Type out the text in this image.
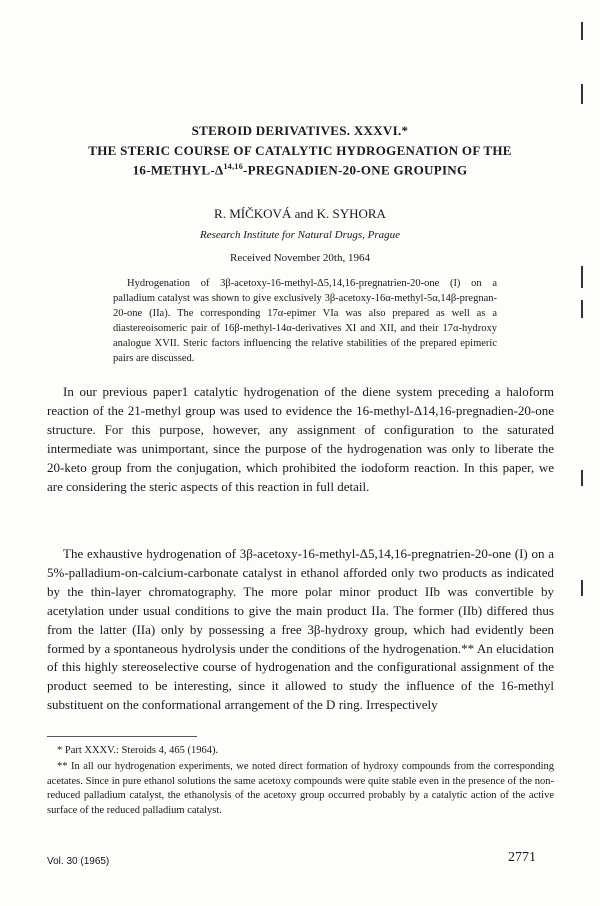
STEROID DERIVATIVES. XXXVI.*
THE STERIC COURSE OF CATALYTIC HYDROGENATION OF THE
$16-METHYL-\Delta^{14,16}-PREGNADIEN-20$-ONE GROUPING
R. MÍČKOVÁ and K. SYHORA
Research Institute for Natural Drugs, Prague
Received November 20th, 1964
Hydrogenation of 3β-acetoxy-16-methyl-Δ5,14,16-pregnatrien-20-one (I) on a palladium catalyst was shown to give exclusively 3β-acetoxy-16α-methyl-5α,14β-pregnan-20-one (IIa). The corresponding 17α-epimer VIa was also prepared as well as a diastereoisomeric pair of 16β-methyl-14α-derivatives XI and XII, and their 17α-hydroxy analogue XVII. Steric factors influencing the relative stabilities of the prepared epimeric pairs are discussed.
In our previous paper1 catalytic hydrogenation of the diene system preceding a haloform reaction of the 21-methyl group was used to evidence the 16-methyl-Δ14,16-pregnadien-20-one structure. For this purpose, however, any assignment of configuration to the saturated intermediate was unimportant, since the purpose of the hydrogenation was only to liberate the 20-keto group from the conjugation, which prohibited the iodoform reaction. In this paper, we are considering the steric aspects of this reaction in full detail.
The exhaustive hydrogenation of 3β-acetoxy-16-methyl-Δ5,14,16-pregnatrien-20-one (I) on a 5%-palladium-on-calcium-carbonate catalyst in ethanol afforded only two products as indicated by the thin-layer chromatography. The more polar minor product IIb was convertible by acetylation under usual conditions to give the main product IIa. The former (IIb) differed thus from the latter (IIa) only by possessing a free 3β-hydroxy group, which had evidently been formed by a spontaneous hydrolysis under the conditions of the hydrogenation.** An elucidation of this highly stereoselective course of hydrogenation and the configurational assignment of the product seemed to be interesting, since it allowed to study the influence of the 16-methyl substituent on the conformational arrangement of the D ring. Irrespectively
* Part XXXV.: Steroids 4, 465 (1964).
** In all our hydrogenation experiments, we noted direct formation of hydroxy compounds from the corresponding acetates. Since in pure ethanol solutions the same acetoxy compounds were quite stable even in the presence of the non-reduced palladium catalyst, the ethanolysis of the acetoxy group occurred probably by a catalytic action of the active surface of the reduced palladium catalyst.
Vol. 30 (1965)	2771
